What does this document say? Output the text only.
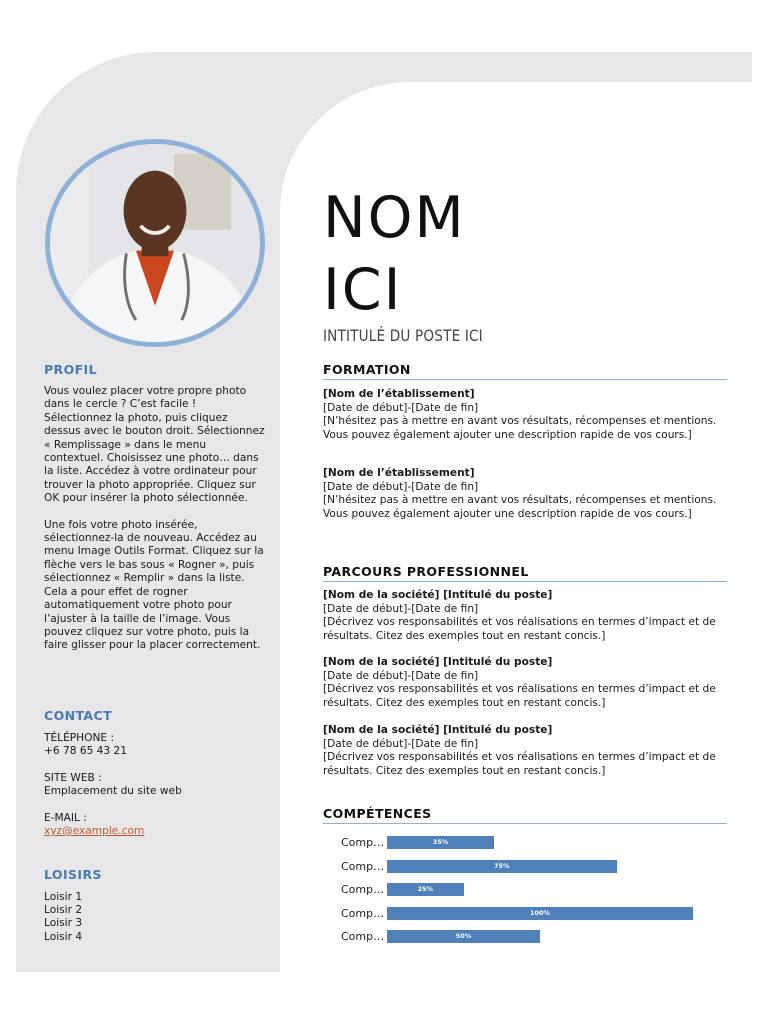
PROFIL

Vous voulez placer votre propre photo dans le cercle ? C’est facile ! Sélectionnez la photo, puis cliquez dessus avec le bouton droit. Sélectionnez « Remplissage » dans le menu contextuel. Choisissez une photo… dans la liste. Accédez à votre ordinateur pour trouver la photo appropriée. Cliquez sur OK pour insérer la photo sélectionnée.

Une fois votre photo insérée, sélectionnez-la de nouveau. Accédez au menu Image Outils Format. Cliquez sur la flèche vers le bas sous « Rogner », puis sélectionnez « Remplir » dans la liste. Cela a pour effet de rogner automatiquement votre photo pour l’ajuster à la taille de l’image. Vous pouvez cliquez sur votre photo, puis la faire glisser pour la placer correctement.

CONTACT
TÉLÉPHONE :
+6 78 65 43 21
SITE WEB :
Emplacement du site web
E-MAIL :
xyz@example.com
LOISIRS
Loisir 1
Loisir 2
Loisir 3
Loisir 4
NOM
ICI
INTITULÉ DU POSTE ICI
FORMATION
[Nom de l’établissement]
[Date de début]-[Date de fin]
[N’hésitez pas à mettre en avant vos résultats, récompenses et mentions. Vous pouvez également ajouter une description rapide de vos cours.]
[Nom de l’établissement]
[Date de début]-[Date de fin]
[N’hésitez pas à mettre en avant vos résultats, récompenses et mentions. Vous pouvez également ajouter une description rapide de vos cours.]
PARCOURS PROFESSIONNEL
[Nom de la société] [Intitulé du poste]
[Date de début]-[Date de fin]
[Décrivez vos responsabilités et vos réalisations en termes d’impact et de résultats. Citez des exemples tout en restant concis.]
[Nom de la société] [Intitulé du poste]
[Date de début]-[Date de fin]
[Décrivez vos responsabilités et vos réalisations en termes d’impact et de résultats. Citez des exemples tout en restant concis.]
[Nom de la société] [Intitulé du poste]
[Date de début]-[Date de fin]
[Décrivez vos responsabilités et vos réalisations en termes d’impact et de résultats. Citez des exemples tout en restant concis.]
COMPÉTENCES
Comp…	35%
Comp…	75%
Comp…	25%
Comp…	100%
Comp…	50%
